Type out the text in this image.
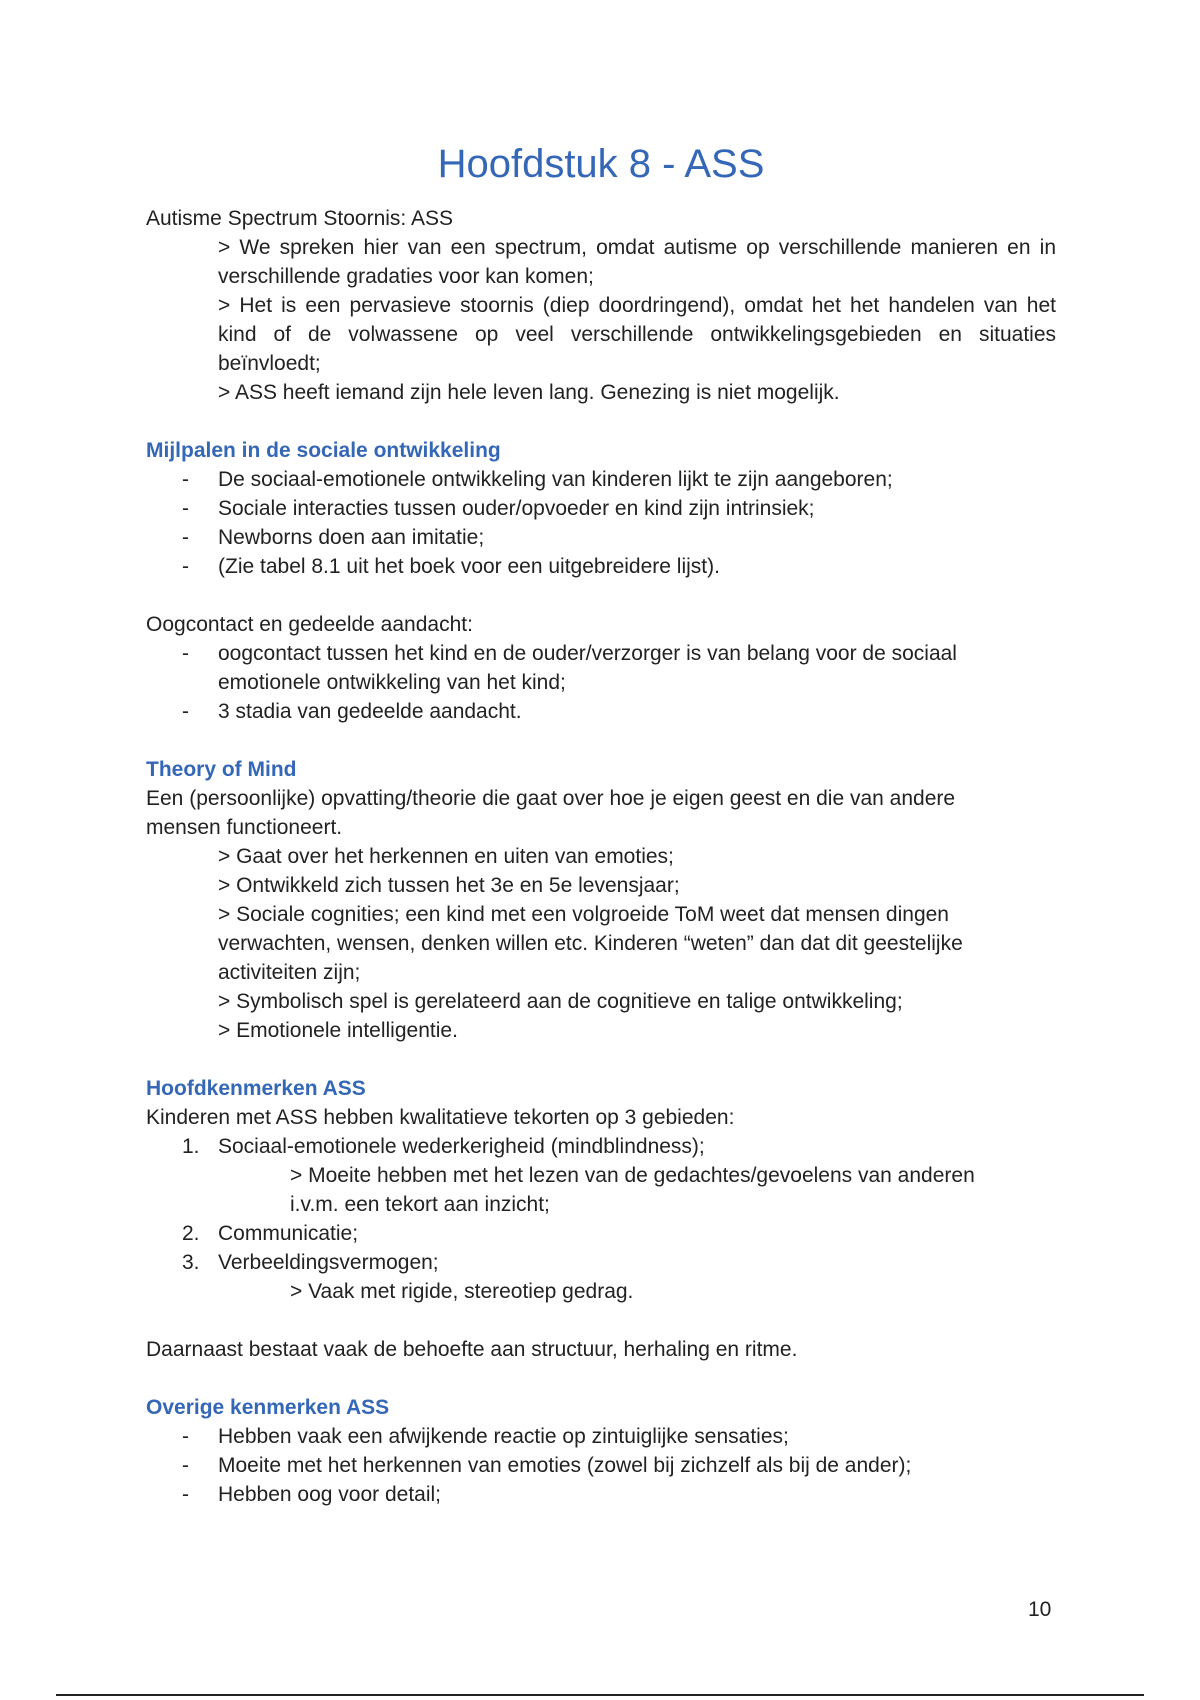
Hoofdstuk 8 - ASS

Autisme Spectrum Stoornis: ASS

> We spreken hier van een spectrum, omdat autisme op verschillende manieren en in verschillende gradaties voor kan komen;

> Het is een pervasieve stoornis (diep doordringend), omdat het het handelen van het kind of de volwassene op veel verschillende ontwikkelingsgebieden en situaties beïnvloedt;

> ASS heeft iemand zijn hele leven lang. Genezing is niet mogelijk.

Mijlpalen in de sociale ontwikkeling

- De sociaal-emotionele ontwikkeling van kinderen lijkt te zijn aangeboren;
- Sociale interacties tussen ouder/opvoeder en kind zijn intrinsiek;
- Newborns doen aan imitatie;
- (Zie tabel 8.1 uit het boek voor een uitgebreidere lijst).

Oogcontact en gedeelde aandacht:

- oogcontact tussen het kind en de ouder/verzorger is van belang voor de sociaal emotionele ontwikkeling van het kind;
- 3 stadia van gedeelde aandacht.

Theory of Mind

Een (persoonlijke) opvatting/theorie die gaat over hoe je eigen geest en die van andere mensen functioneert.

> Gaat over het herkennen en uiten van emoties;

> Ontwikkeld zich tussen het 3e en 5e levensjaar;

> Sociale cognities; een kind met een volgroeide ToM weet dat mensen dingen verwachten, wensen, denken willen etc. Kinderen “weten” dan dat dit geestelijke activiteiten zijn;

> Symbolisch spel is gerelateerd aan de cognitieve en talige ontwikkeling;

> Emotionele intelligentie.

Hoofdkenmerken ASS

Kinderen met ASS hebben kwalitatieve tekorten op 3 gebieden:

1. Sociaal-emotionele wederkerigheid (mindblindness);

> Moeite hebben met het lezen van de gedachtes/gevoelens van anderen i.v.m. een tekort aan inzicht;

2. Communicatie;
3. Verbeeldingsvermogen;

> Vaak met rigide, stereotiep gedrag.

Daarnaast bestaat vaak de behoefte aan structuur, herhaling en ritme.

Overige kenmerken ASS

- Hebben vaak een afwijkende reactie op zintuiglijke sensaties;
- Moeite met het herkennen van emoties (zowel bij zichzelf als bij de ander);
- Hebben oog voor detail;
10
